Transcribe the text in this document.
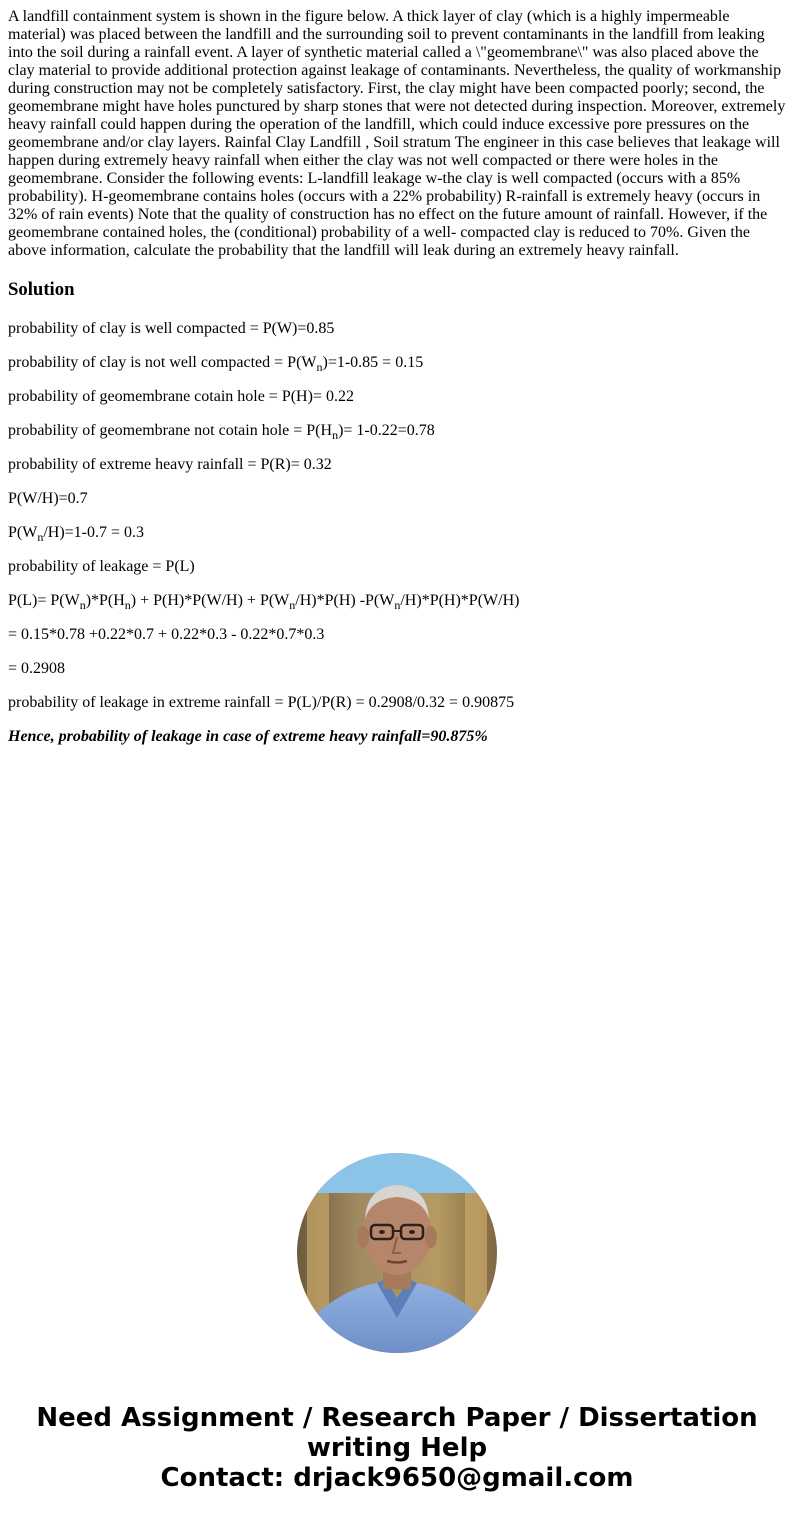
A landfill containment system is shown in the figure below. A thick layer of clay (which is a highly impermeable material) was placed between the landfill and the surrounding soil to prevent contaminants in the landfill from leaking into the soil during a rainfall event. A layer of synthetic material called a \"geomembrane\" was also placed above the clay material to provide additional protection against leakage of contaminants. Nevertheless, the quality of workmanship during construction may not be completely satisfactory. First, the clay might have been compacted poorly; second, the geomembrane might have holes punctured by sharp stones that were not detected during inspection. Moreover, extremely heavy rainfall could happen during the operation of the landfill, which could induce excessive pore pressures on the geomembrane and/or clay layers. Rainfal Clay Landfill , Soil stratum The engineer in this case believes that leakage will happen during extremely heavy rainfall when either the clay was not well compacted or there were holes in the geomembrane. Consider the following events: L-landfill leakage w-the clay is well compacted (occurs with a 85% probability). H-geomembrane contains holes (occurs with a 22% probability) R-rainfall is extremely heavy (occurs in 32% of rain events) Note that the quality of construction has no effect on the future amount of rainfall. However, if the geomembrane contained holes, the (conditional) probability of a well- compacted clay is reduced to 70%. Given the above information, calculate the probability that the landfill will leak during an extremely heavy rainfall.

Solution

probability of clay is well compacted = P(W)=0.85

probability of clay is not well compacted = $P(W_n)=1-0.85 = 0.15$

probability of geomembrane cotain hole = P(H)= 0.22

probability of geomembrane not cotain hole = $P(H_n)= 1-0.22=0.78$

probability of extreme heavy rainfall = P(R)= 0.32

P(W/H)=0.7

$P(W_n/H)=1-0.7 = 0.3$

probability of leakage = P(L)

$P(L)= P(W_n)*P(H_n) + P(H)*P(W/H) + P(W_n/H)*P(H)$ $-P(W_n/H)*P(H)*P(W/H)$

= 0.15*0.78 +0.22*0.7 + 0.22*0.3 - 0.22*0.7*0.3

= 0.2908

probability of leakage in extreme rainfall = P(L)/P(R) = 0.2908/0.32 = 0.90875

Hence, probability of leakage in case of extreme heavy rainfall=90.875%

Need Assignment / Research Paper / Dissertation
writing Help
Contact: drjack9650@gmail.com
